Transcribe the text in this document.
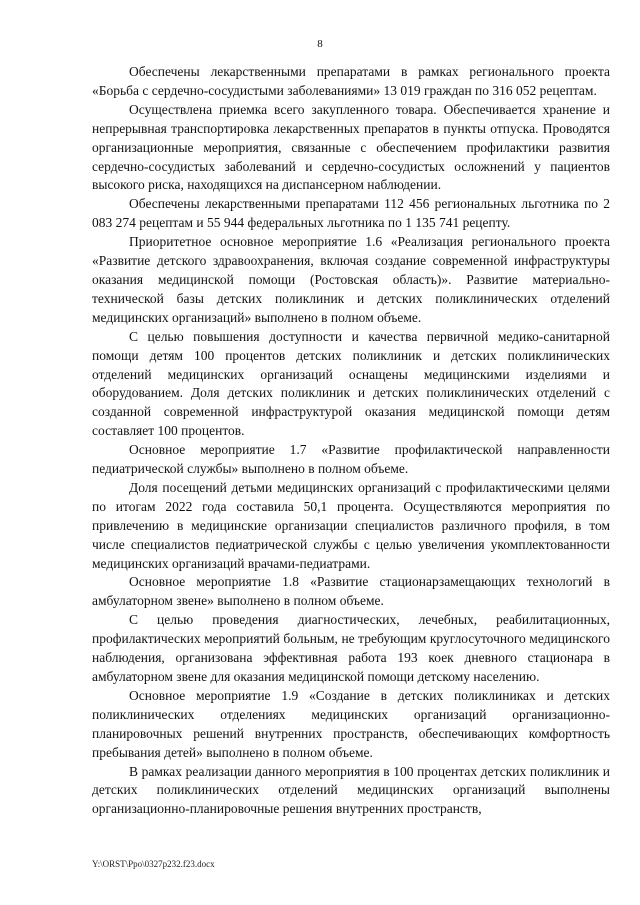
8

Обеспечены лекарственными препаратами в рамках регионального проекта «Борьба с сердечно-сосудистыми заболеваниями» 13 019 граждан по 316 052 рецептам.

Осуществлена приемка всего закупленного товара. Обеспечивается хранение и непрерывная транспортировка лекарственных препаратов в пункты отпуска. Проводятся организационные мероприятия, связанные с обеспечением профилактики развития сердечно-сосудистых заболеваний и сердечно-сосудистых осложнений у пациентов высокого риска, находящихся на диспансерном наблюдении.

Обеспечены лекарственными препаратами 112 456 региональных льготника по 2 083 274 рецептам и 55 944 федеральных льготника по 1 135 741 рецепту.

Приоритетное основное мероприятие 1.6 «Реализация регионального проекта «Развитие детского здравоохранения, включая создание современной инфраструктуры оказания медицинской помощи (Ростовская область)». Развитие материально-технической базы детских поликлиник и детских поликлинических отделений медицинских организаций» выполнено в полном объеме.

С целью повышения доступности и качества первичной медико-санитарной помощи детям 100 процентов детских поликлиник и детских поликлинических отделений медицинских организаций оснащены медицинскими изделиями и оборудованием. Доля детских поликлиник и детских поликлинических отделений с созданной современной инфраструктурой оказания медицинской помощи детям составляет 100 процентов.

Основное мероприятие 1.7 «Развитие профилактической направленности педиатрической службы» выполнено в полном объеме.

Доля посещений детьми медицинских организаций с профилактическими целями по итогам 2022 года составила 50,1 процента. Осуществляются мероприятия по привлечению в медицинские организации специалистов различного профиля, в том числе специалистов педиатрической службы с целью увеличения укомплектованности медицинских организаций врачами-педиатрами.

Основное мероприятие 1.8 «Развитие стационарзамещающих технологий в амбулаторном звене» выполнено в полном объеме.

С целью проведения диагностических, лечебных, реабилитационных, профилактических мероприятий больным, не требующим круглосуточного медицинского наблюдения, организована эффективная работа 193 коек дневного стационара в амбулаторном звене для оказания медицинской помощи детскому населению.

Основное мероприятие 1.9 «Создание в детских поликлиниках и детских поликлинических отделениях медицинских организаций организационно-планировочных решений внутренних пространств, обеспечивающих комфортность пребывания детей» выполнено в полном объеме.

В рамках реализации данного мероприятия в 100 процентах детских поликлиник и детских поликлинических отделений медицинских организаций выполнены организационно-планировочные решения внутренних пространств,

Y:\ORST\Ppo\0327p232.f23.docx
